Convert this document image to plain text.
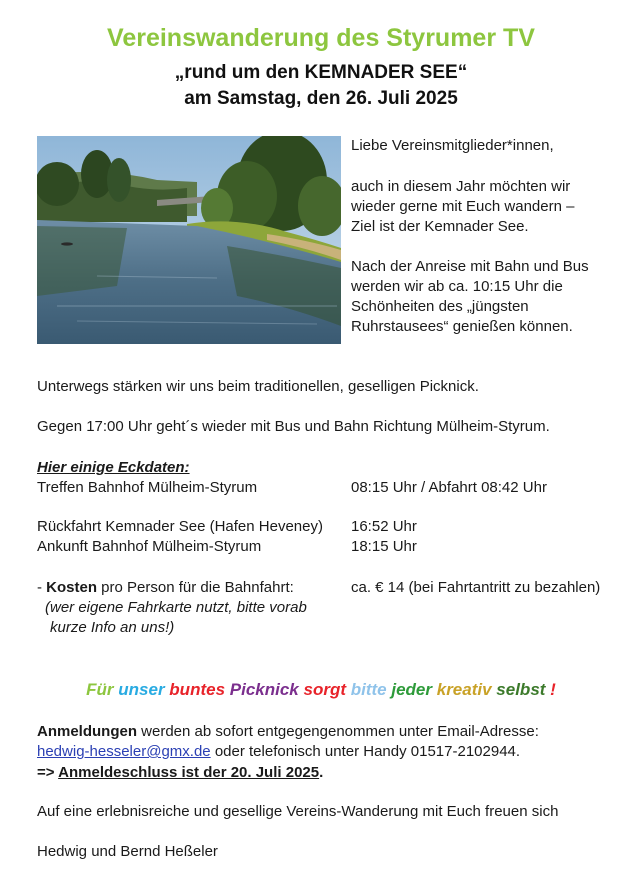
Vereinswanderung des Styrumer TV
„rund um den KEMNADER SEE“
am Samstag, den 26. Juli 2025
Liebe Vereinsmitglieder*innen,
auch in diesem Jahr möchten wir
wieder gerne mit Euch wandern –
Ziel ist der Kemnader See.
Nach der Anreise mit Bahn und Bus
werden wir ab ca. 10:15 Uhr die
Schönheiten des „jüngsten
Ruhrstausees“ genießen können.
Unterwegs stärken wir uns beim traditionellen, geselligen Picknick.
Gegen 17:00 Uhr geht´s wieder mit Bus und Bahn Richtung Mülheim-Styrum.
Hier einige Eckdaten:
Treffen Bahnhof Mülheim-Styrum	08:15 Uhr / Abfahrt 08:42 Uhr
Rückfahrt Kemnader See (Hafen Heveney) 16:52 Uhr
Ankunft Bahnhof Mülheim-Styrum	18:15 Uhr
- Kosten pro Person für die Bahnfahrt:	ca. € 14 (bei Fahrtantritt zu bezahlen)
(wer eigene Fahrkarte nutzt, bitte vorab
kurze Info an uns!)
Für unser buntes Picknick sorgt bitte jeder kreativ selbst !
Anmeldungen werden ab sofort entgegengenommen unter Email-Adresse:
hedwig-hesseler@gmx.de oder telefonisch unter Handy 01517-2102944.
=> Anmeldeschluss ist der 20. Juli 2025.
Auf eine erlebnisreiche und gesellige Vereins-Wanderung mit Euch freuen sich
Hedwig und Bernd Heßeler
